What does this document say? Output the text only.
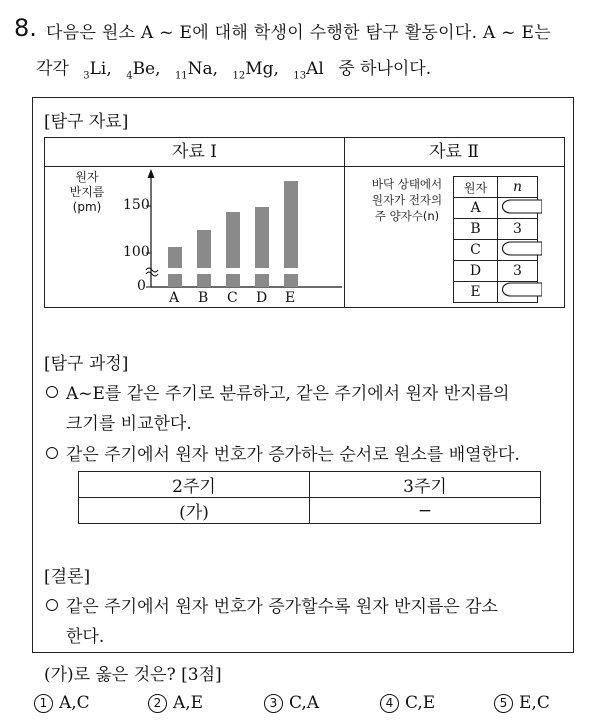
8. 다음은 원소 A ~ E에 대해 학생이 수행한 탐구 활동이다. A ~ E는
각각 $_3$Li, $_4$Be, $_{11}$Na, $_{12}$Mg, $_{13}$Al 중 하나이다.
[탐구 자료]
자료 Ⅰ	자료 Ⅱ
원자
반지름
(pm)	150
100
0
A B C D E
바닥 상태에서
원자가 전자의
주 양자수(n)
원자	n
A	
B	3
C	
D	3
E	
[탐구 과정]
A~E를 같은 주기로 분류하고, 같은 주기에서 원자 반지름의
크기를 비교한다.
같은 주기에서 원자 번호가 증가하는 순서로 원소를 배열한다.
2주기	3주기
(가)	−
[결론]
같은 주기에서 원자 번호가 증가할수록 원자 반지름은 감소
한다.
(가)로 옳은 것은? [3점]
1 A,C	2 A,E	3 C,A	4 C,E	5 E,C
